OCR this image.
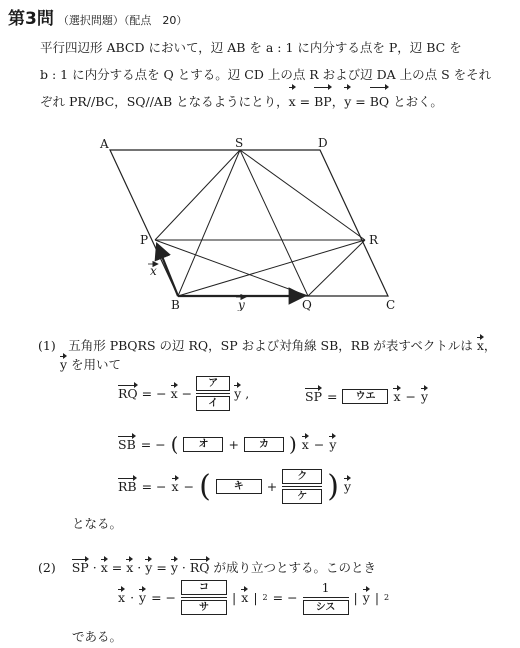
第3問 （選択問題）（配点　20）
平行四辺形 ABCD において，辺 AB を a : 1 に内分する点を P，辺 BC を
b : 1 に内分する点を Q とする。辺 CD 上の点 R および辺 DA 上の点 S をそれ
ぞれ PR//BC，SQ//AB となるようにとり，x = BP，y = BQ とおく。
A	S	D
P	R
B	Q	C
x
y
(1)　 五角形 PBQRS の辺 RQ，SP および対角線 SB，RB が表すベクトルは x，
y を用いて
RQ = − $x - \frac{\text{ア}}{\text{イ}}$ y ,	SP =	ウエ	x − y
SB = − (	オ	+	カ	) x − y
RB = − x − (	キ	+ $\frac{\text{ク}}{\text{ケ}}$ ) y
となる。
(2) SP · x = x · y = y · RQ が成り立つとする。このとき
x · y = − $\frac{\text{コ}}{\text{サ}}$ | x | 2 = − $\frac{1}{\text{シス}}$ | y | 2
である。
